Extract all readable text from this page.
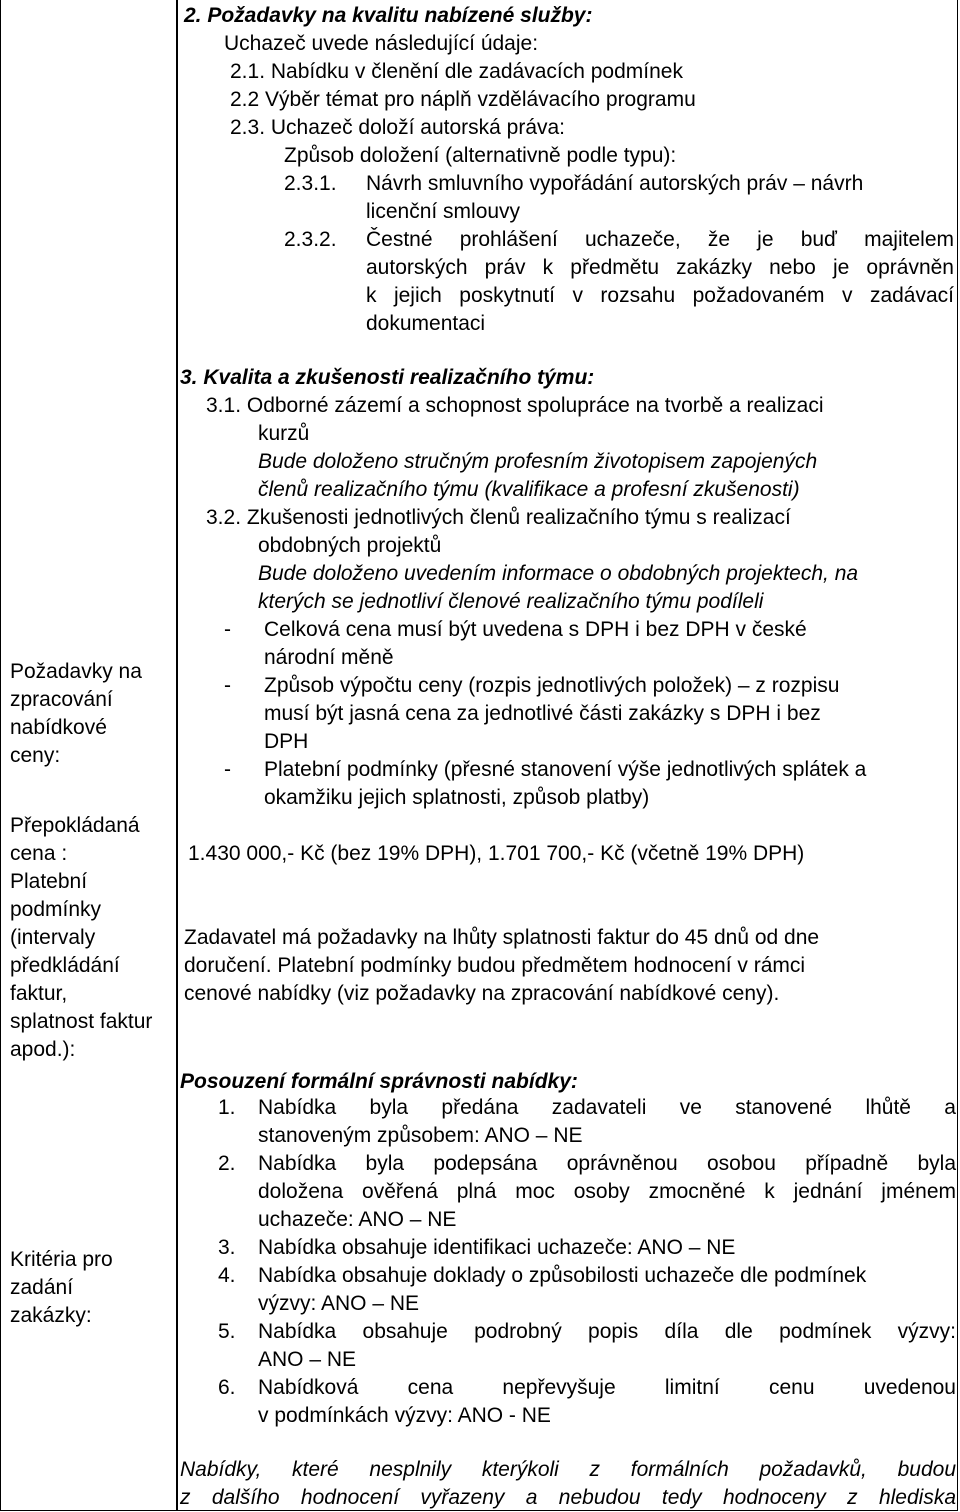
2. Požadavky na kvalitu nabízené služby:
Uchazeč uvede následující údaje:
2.1. Nabídku v členění dle zadávacích podmínek
2.2 Výběr témat pro náplň vzdělávacího programu
2.3. Uchazeč doloží autorská práva:
Způsob doložení (alternativně podle typu):
2.3.1. Návrh smluvního vypořádání autorských práv – návrh
licenční smlouvy
2.3.2. Čestné prohlášení uchazeče, že je buď majitelem
autorských práv k předmětu zakázky nebo je oprávněn
k jejich poskytnutí v rozsahu požadovaném v zadávací
dokumentaci
3. Kvalita a zkušenosti realizačního týmu:
3.1. Odborné zázemí a schopnost spolupráce na tvorbě a realizaci
kurzů
Bude doloženo stručným profesním životopisem zapojených
členů realizačního týmu (kvalifikace a profesní zkušenosti)
3.2. Zkušenosti jednotlivých členů realizačního týmu s realizací
obdobných projektů
Bude doloženo uvedením informace o obdobných projektech, na
kterých se jednotliví členové realizačního týmu podíleli
Požadavky na
zpracování
nabídkové
ceny:
- Celková cena musí být uvedena s DPH i bez DPH v české
národní měně
- Způsob výpočtu ceny (rozpis jednotlivých položek) – z rozpisu
musí být jasná cena za jednotlivé části zakázky s DPH i bez
DPH
- Platební podmínky (přesné stanovení výše jednotlivých splátek a
okamžiku jejich splatnosti, způsob platby)
Přepokládaná
cena :	1.430 000,- Kč (bez 19% DPH), 1.701 700,- Kč (včetně 19% DPH)
Platební
podmínky
(intervaly
předkládání
faktur,
splatnost faktur
apod.):
Zadavatel má požadavky na lhůty splatnosti faktur do 45 dnů od dne
doručení. Platební podmínky budou předmětem hodnocení v rámci
cenové nabídky (viz požadavky na zpracování nabídkové ceny).
Posouzení formální správnosti nabídky:
1. Nabídka byla předána zadavateli ve stanovené lhůtě a
stanoveným způsobem: ANO – NE
2. Nabídka byla podepsána oprávněnou osobou případně byla
doložena ověřená plná moc osoby zmocněné k jednání jménem
uchazeče: ANO – NE
3. Nabídka obsahuje identifikaci uchazeče: ANO – NE
4. Nabídka obsahuje doklady o způsobilosti uchazeče dle podmínek
výzvy: ANO – NE
5. Nabídka obsahuje podrobný popis díla dle podmínek výzvy:
ANO – NE
6. Nabídková cena nepřevyšuje limitní cenu uvedenou
v podmínkách výzvy: ANO - NE
Kritéria pro
zadání
zakázky:
Nabídky, které nesplnily kterýkoli z formálních požadavků, budou
z dalšího hodnocení vyřazeny a nebudou tedy hodnoceny z hlediska
